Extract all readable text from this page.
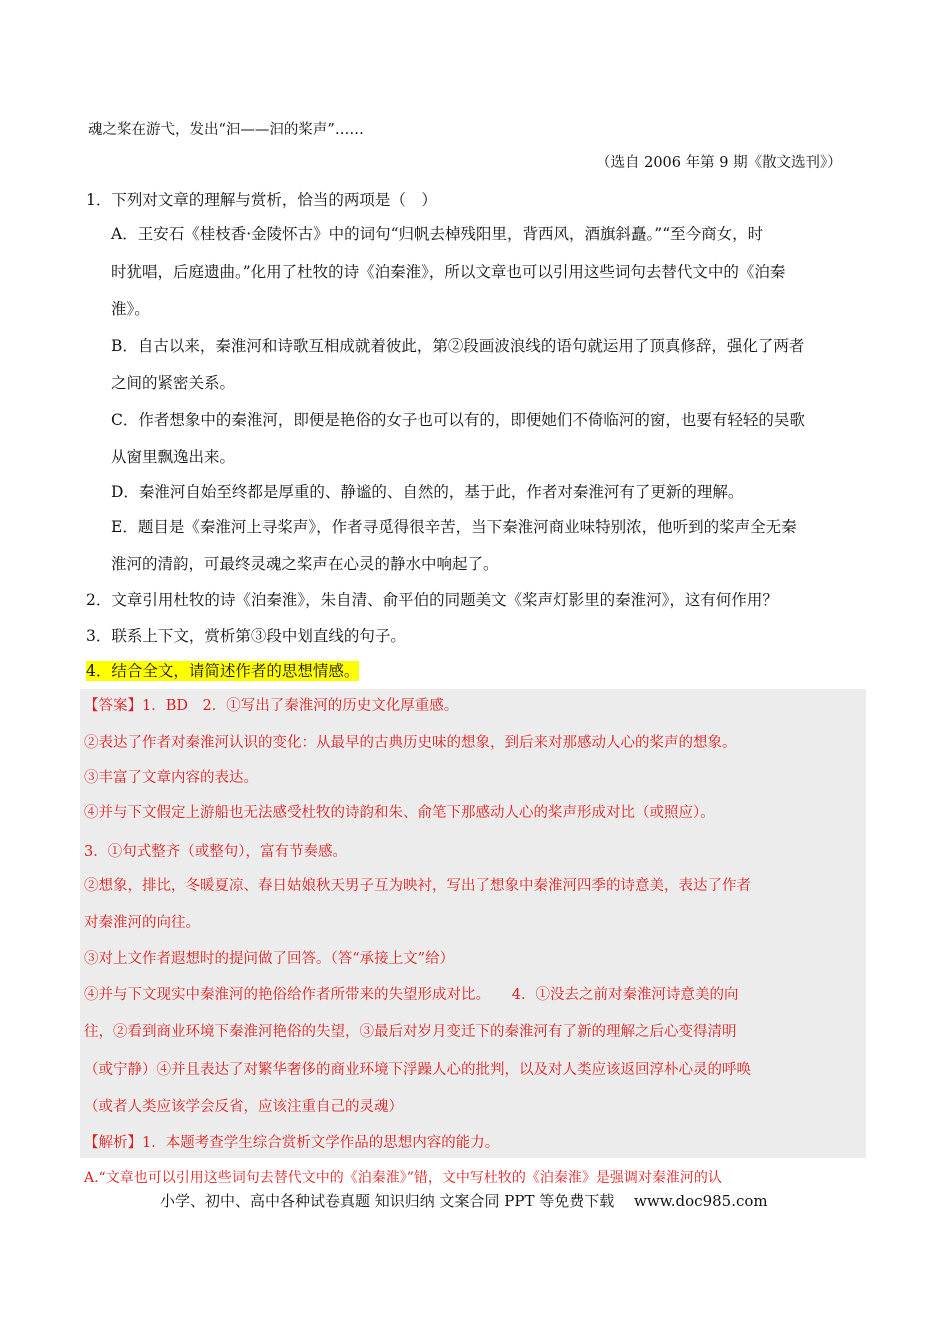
魂之桨在游弋，发出“汩——汩的桨声”……
（选自 2006 年第 9 期《散文选刊》）
1．下列对文章的理解与赏析，恰当的两项是（　）
A．王安石《桂枝香·金陵怀古》中的词句“归帆去棹残阳里，背西风，酒旗斜矗。”“至今商女，时
时犹唱，后庭遗曲。”化用了杜牧的诗《泊秦淮》，所以文章也可以引用这些词句去替代文中的《泊秦
淮》。
B．自古以来，秦淮河和诗歌互相成就着彼此，第②段画波浪线的语句就运用了顶真修辞，强化了两者
之间的紧密关系。
C．作者想象中的秦淮河，即便是艳俗的女子也可以有的，即便她们不倚临河的窗，也要有轻轻的吴歌
从窗里飘逸出来。
D．秦淮河自始至终都是厚重的、静谧的、自然的，基于此，作者对秦淮河有了更新的理解。
E．题目是《秦淮河上寻桨声》，作者寻觅得很辛苦，当下秦淮河商业味特别浓，他听到的桨声全无秦
淮河的清韵，可最终灵魂之桨声在心灵的静水中响起了。
2．文章引用杜牧的诗《泊秦淮》，朱自清、俞平伯的同题美文《桨声灯影里的秦淮河》，这有何作用？
3．联系上下文，赏析第③段中划直线的句子。
4．结合全文，请简述作者的思想情感。
【答案】1．BD　2．①写出了秦淮河的历史文化厚重感。
②表达了作者对秦淮河认识的变化：从最早的古典历史味的想象，到后来对那感动人心的桨声的想象。
③丰富了文章内容的表达。
④并与下文假定上游船也无法感受杜牧的诗韵和朱、俞笔下那感动人心的桨声形成对比（或照应）。
3．①句式整齐（或整句），富有节奏感。
②想象，排比，冬暖夏凉、春日姑娘秋天男子互为映衬，写出了想象中秦淮河四季的诗意美，表达了作者
对秦淮河的向往。
③对上文作者遐想时的提问做了回答。（答“承接上文”给）
④并与下文现实中秦淮河的艳俗给作者所带来的失望形成对比。　　4．①没去之前对秦淮河诗意美的向
往，②看到商业环境下秦淮河艳俗的失望，③最后对岁月变迁下的秦淮河有了新的理解之后心变得清明
（或宁静）④并且表达了对繁华奢侈的商业环境下浮躁人心的批判，以及对人类应该返回淳朴心灵的呼唤
（或者人类应该学会反省，应该注重自己的灵魂）
【解析】1．本题考查学生综合赏析文学作品的思想内容的能力。
A.“文章也可以引用这些词句去替代文中的《泊秦淮》”错，文中写杜牧的《泊秦淮》是强调对秦淮河的认
小学、初中、高中各种试卷真题 知识归纳 文案合同 PPT 等免费下载　 www.doc985.com
